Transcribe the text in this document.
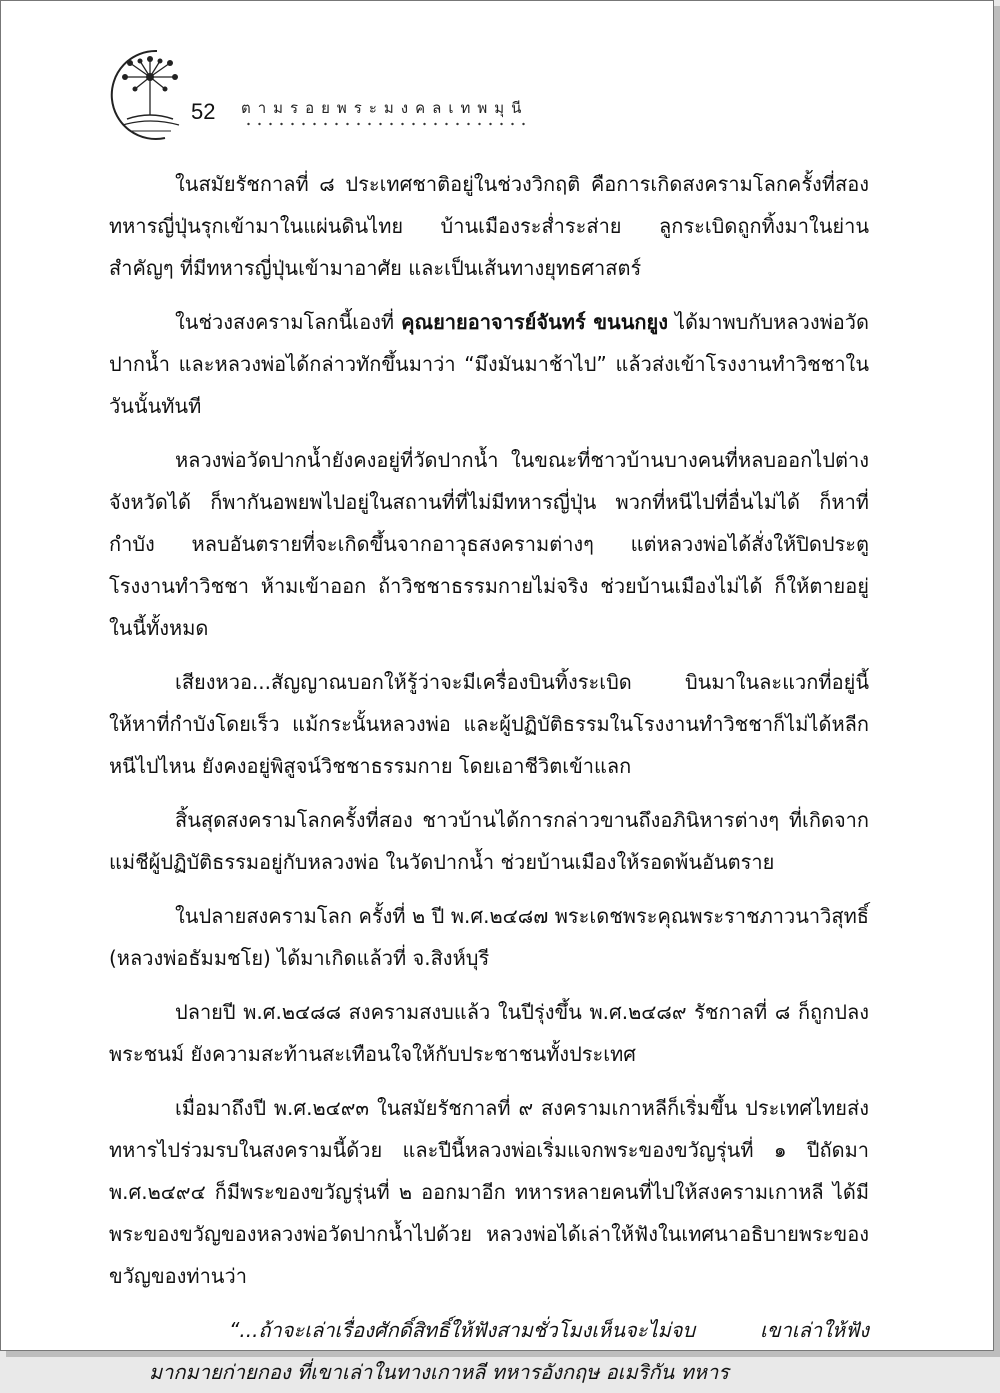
52 ตามรอยพระมงคลเทพมุนี

ในสมัยรัชกาลที่ ๘ ประเทศชาติอยู่ในช่วงวิกฤติ คือการเกิดสงครามโลกครั้งที่สอง ทหารญี่ปุ่นรุกเข้ามาในแผ่นดินไทย บ้านเมืองระส่ำระส่าย ลูกระเบิดถูกทิ้งมาในย่านสำคัญๆ ที่มีทหารญี่ปุ่นเข้ามาอาศัย และเป็นเส้นทางยุทธศาสตร์

ในช่วงสงครามโลกนี้เองที่ คุณยายอาจารย์จันทร์ ขนนกยูง ได้มาพบกับหลวงพ่อวัดปากน้ำ และหลวงพ่อได้กล่าวทักขึ้นมาว่า “มึงมันมาช้าไป” แล้วส่งเข้าโรงงานทำวิชชาในวันนั้นทันที

หลวงพ่อวัดปากน้ำยังคงอยู่ที่วัดปากน้ำ ในขณะที่ชาวบ้านบางคนที่หลบออกไปต่างจังหวัดได้ ก็พากันอพยพไปอยู่ในสถานที่ที่ไม่มีทหารญี่ปุ่น พวกที่หนีไปที่อื่นไม่ได้ ก็หาที่กำบัง หลบอันตรายที่จะเกิดขึ้นจากอาวุธสงครามต่างๆ แต่หลวงพ่อได้สั่งให้ปิดประตูโรงงานทำวิชชา ห้ามเข้าออก ถ้าวิชชาธรรมกายไม่จริง ช่วยบ้านเมืองไม่ได้ ก็ให้ตายอยู่ในนี้ทั้งหมด

เสียงหวอ...สัญญาณบอกให้รู้ว่าจะมีเครื่องบินทิ้งระเบิด บินมาในละแวกที่อยู่นี้ ให้หาที่กำบังโดยเร็ว แม้กระนั้นหลวงพ่อ และผู้ปฏิบัติธรรมในโรงงานทำวิชชาก็ไม่ได้หลีกหนีไปไหน ยังคงอยู่พิสูจน์วิชชาธรรมกาย โดยเอาชีวิตเข้าแลก

สิ้นสุดสงครามโลกครั้งที่สอง ชาวบ้านได้การกล่าวขานถึงอภินิหารต่างๆ ที่เกิดจากแม่ชีผู้ปฏิบัติธรรมอยู่กับหลวงพ่อ ในวัดปากน้ำ ช่วยบ้านเมืองให้รอดพ้นอันตราย

ในปลายสงครามโลก ครั้งที่ ๒ ปี พ.ศ.๒๔๘๗ พระเดชพระคุณพระราชภาวนาวิสุทธิ์ (หลวงพ่อธัมมชโย) ได้มาเกิดแล้วที่ จ.สิงห์บุรี

ปลายปี พ.ศ.๒๔๘๘ สงครามสงบแล้ว ในปีรุ่งขึ้น พ.ศ.๒๔๘๙ รัชกาลที่ ๘ ก็ถูกปลงพระชนม์ ยังความสะท้านสะเทือนใจให้กับประชาชนทั้งประเทศ

เมื่อมาถึงปี พ.ศ.๒๔๙๓ ในสมัยรัชกาลที่ ๙ สงครามเกาหลีก็เริ่มขึ้น ประเทศไทยส่งทหารไปร่วมรบในสงครามนี้ด้วย และปีนี้หลวงพ่อเริ่มแจกพระของขวัญรุ่นที่ ๑ ปีถัดมา พ.ศ.๒๔๙๔ ก็มีพระของขวัญรุ่นที่ ๒ ออกมาอีก ทหารหลายคนที่ไปให้สงครามเกาหลี ได้มีพระของขวัญของหลวงพ่อวัดปากน้ำไปด้วย หลวงพ่อได้เล่าให้ฟังในเทศนาอธิบายพระของขวัญของท่านว่า

“...ถ้าจะเล่าเรื่องศักดิ์สิทธิ์ให้ฟังสามชั่วโมงเห็นจะไม่จบ เขาเล่าให้ฟังมากมายก่ายกอง ที่เขาเล่าในทางเกาหลี ทหารอังกฤษ อเมริกัน ทหาร
